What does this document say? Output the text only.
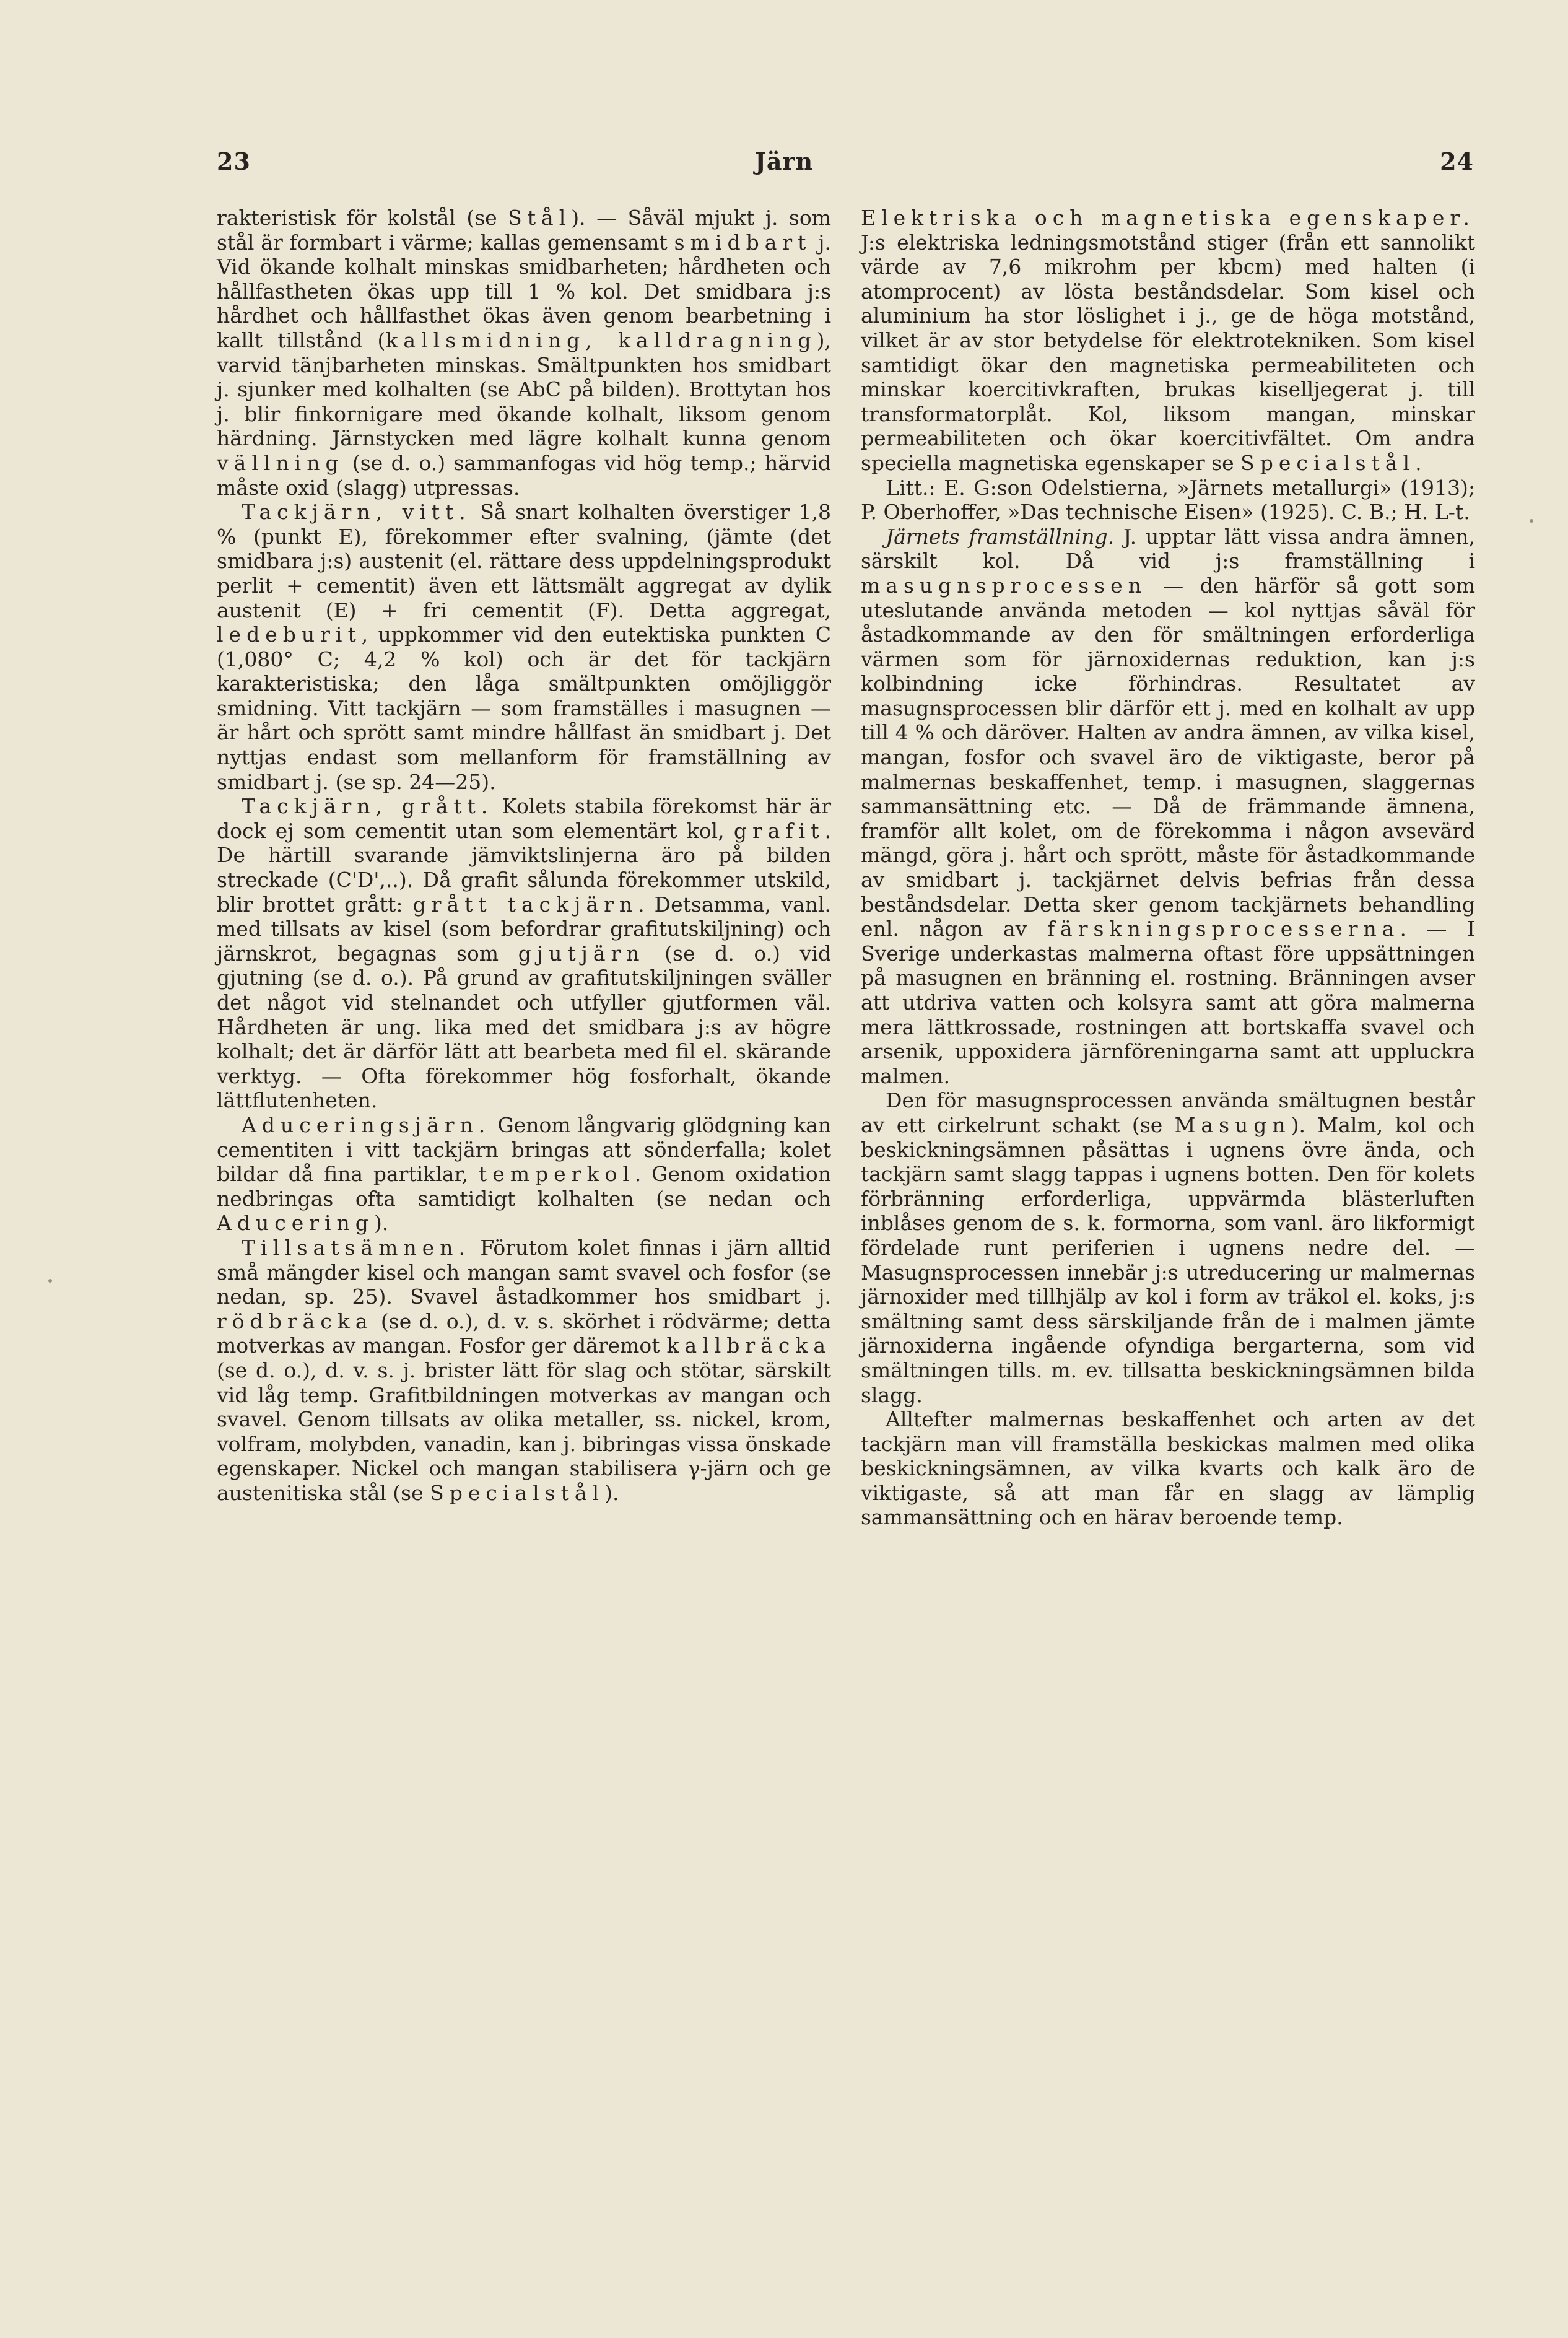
23	Järn	24

rakteristisk för kolstål (se Stål). — Såväl mjukt j. som stål är formbart i värme; kallas gemensamt smidbart j. Vid ökande kolhalt minskas smidbarheten; hårdheten och hållfastheten ökas upp till 1 % kol. Det smidbara j:s hårdhet och hållfasthet ökas även genom bearbetning i kallt tillstånd (kallsmidning, kalldragning), varvid tänjbarheten minskas. Smältpunkten hos smidbart j. sjunker med kolhalten (se AbC på bilden). Brottytan hos j. blir finkornigare med ökande kolhalt, liksom genom härdning. Järnstycken med lägre kolhalt kunna genom vällning (se d. o.) sammanfogas vid hög temp.; härvid måste oxid (slagg) utpressas.

Tackjärn, vitt. Så snart kolhalten överstiger 1,8 % (punkt E), förekommer efter svalning, (jämte (det smidbara j:s) austenit (el. rättare dess uppdelningsprodukt perlit + cementit) även ett lättsmält aggregat av dylik austenit (E) + fri cementit (F). Detta aggregat, ledeburit, uppkommer vid den eutektiska punkten C (1,080° C; 4,2 % kol) och är det för tackjärn karakteristiska; den låga smältpunkten omöjliggör smidning. Vitt tackjärn — som framställes i masugnen — är hårt och sprött samt mindre hållfast än smidbart j. Det nyttjas endast som mellanform för framställning av smidbart j. (se sp. 24—25).

Tackjärn, grått. Kolets stabila förekomst här är dock ej som cementit utan som elementärt kol, grafit. De härtill svarande jämviktslinjerna äro på bilden streckade (C'D',..). Då grafit sålunda förekommer utskild, blir brottet grått: grått tackjärn. Detsamma, vanl. med tillsats av kisel (som befordrar grafitutskiljning) och järnskrot, begagnas som gjutjärn (se d. o.) vid gjutning (se d. o.). På grund av grafitutskiljningen sväller det något vid stelnandet och utfyller gjutformen väl. Hårdheten är ung. lika med det smidbara j:s av högre kolhalt; det är därför lätt att bearbeta med fil el. skärande verktyg. — Ofta förekommer hög fosforhalt, ökande lättflutenheten.

Aduceringsjärn. Genom långvarig glödgning kan cementiten i vitt tackjärn bringas att sönderfalla; kolet bildar då fina partiklar, temperkol. Genom oxidation nedbringas ofta samtidigt kolhalten (se nedan och Aducering).

Tillsatsämnen. Förutom kolet finnas i järn alltid små mängder kisel och mangan samt svavel och fosfor (se nedan, sp. 25). Svavel åstadkommer hos smidbart j. rödbräcka (se d. o.), d. v. s. skörhet i rödvärme; detta motverkas av mangan. Fosfor ger däremot kallbräcka (se d. o.), d. v. s. j. brister lätt för slag och stötar, särskilt vid låg temp. Grafitbildningen motverkas av mangan och svavel. Genom tillsats av olika metaller, ss. nickel, krom, volfram, molybden, vanadin, kan j. bibringas vissa önskade egenskaper. Nickel och mangan stabilisera γ-järn och ge austenitiska stål (se Specialstål).

Elektriska och magnetiska egenskaper. J:s elektriska ledningsmotstånd stiger (från ett sannolikt värde av 7,6 mikrohm per kbcm) med halten (i atomprocent) av lösta beståndsdelar. Som kisel och aluminium ha stor löslighet i j., ge de höga motstånd, vilket är av stor betydelse för elektrotekniken. Som kisel samtidigt ökar den magnetiska permeabiliteten och minskar koercitivkraften, brukas kiselljegerat j. till transformatorplåt. Kol, liksom mangan, minskar permeabiliteten och ökar koercitivfältet. Om andra speciella magnetiska egenskaper se Specialstål.

Litt.: E. G:son Odelstierna, »Järnets metallurgi» (1913); P. Oberhoffer, »Das technische Eisen» (1925). C. B.; H. L-t.

Järnets framställning. J. upptar lätt vissa andra ämnen, särskilt kol. Då vid j:s framställning i masugnsprocessen — den härför så gott som uteslutande använda metoden — kol nyttjas såväl för åstadkommande av den för smältningen erforderliga värmen som för järnoxidernas reduktion, kan j:s kolbindning icke förhindras. Resultatet av masugnsprocessen blir därför ett j. med en kolhalt av upp till 4 % och däröver. Halten av andra ämnen, av vilka kisel, mangan, fosfor och svavel äro de viktigaste, beror på malmernas beskaffenhet, temp. i masugnen, slaggernas sammansättning etc. — Då de främmande ämnena, framför allt kolet, om de förekomma i någon avsevärd mängd, göra j. hårt och sprött, måste för åstadkommande av smidbart j. tackjärnet delvis befrias från dessa beståndsdelar. Detta sker genom tackjärnets behandling enl. någon av färskningsprocesserna. — I Sverige underkastas malmerna oftast före uppsättningen på masugnen en bränning el. rostning. Bränningen avser att utdriva vatten och kolsyra samt att göra malmerna mera lättkrossade, rostningen att bortskaffa svavel och arsenik, uppoxidera järnföreningarna samt att uppluckra malmen.

Den för masugnsprocessen använda smältugnen består av ett cirkelrunt schakt (se Masugn). Malm, kol och beskickningsämnen påsättas i ugnens övre ända, och tackjärn samt slagg tappas i ugnens botten. Den för kolets förbränning erforderliga, uppvärmda blästerluften inblåses genom de s. k. formorna, som vanl. äro likformigt fördelade runt periferien i ugnens nedre del. — Masugnsprocessen innebär j:s utreducering ur malmernas järnoxider med tillhjälp av kol i form av träkol el. koks, j:s smältning samt dess särskiljande från de i malmen jämte järnoxiderna ingående ofyndiga bergarterna, som vid smältningen tills. m. ev. tillsatta beskickningsämnen bilda slagg.

Alltefter malmernas beskaffenhet och arten av det tackjärn man vill framställa beskickas malmen med olika beskickningsämnen, av vilka kvarts och kalk äro de viktigaste, så att man får en slagg av lämplig sammansättning och en härav beroende temp.
